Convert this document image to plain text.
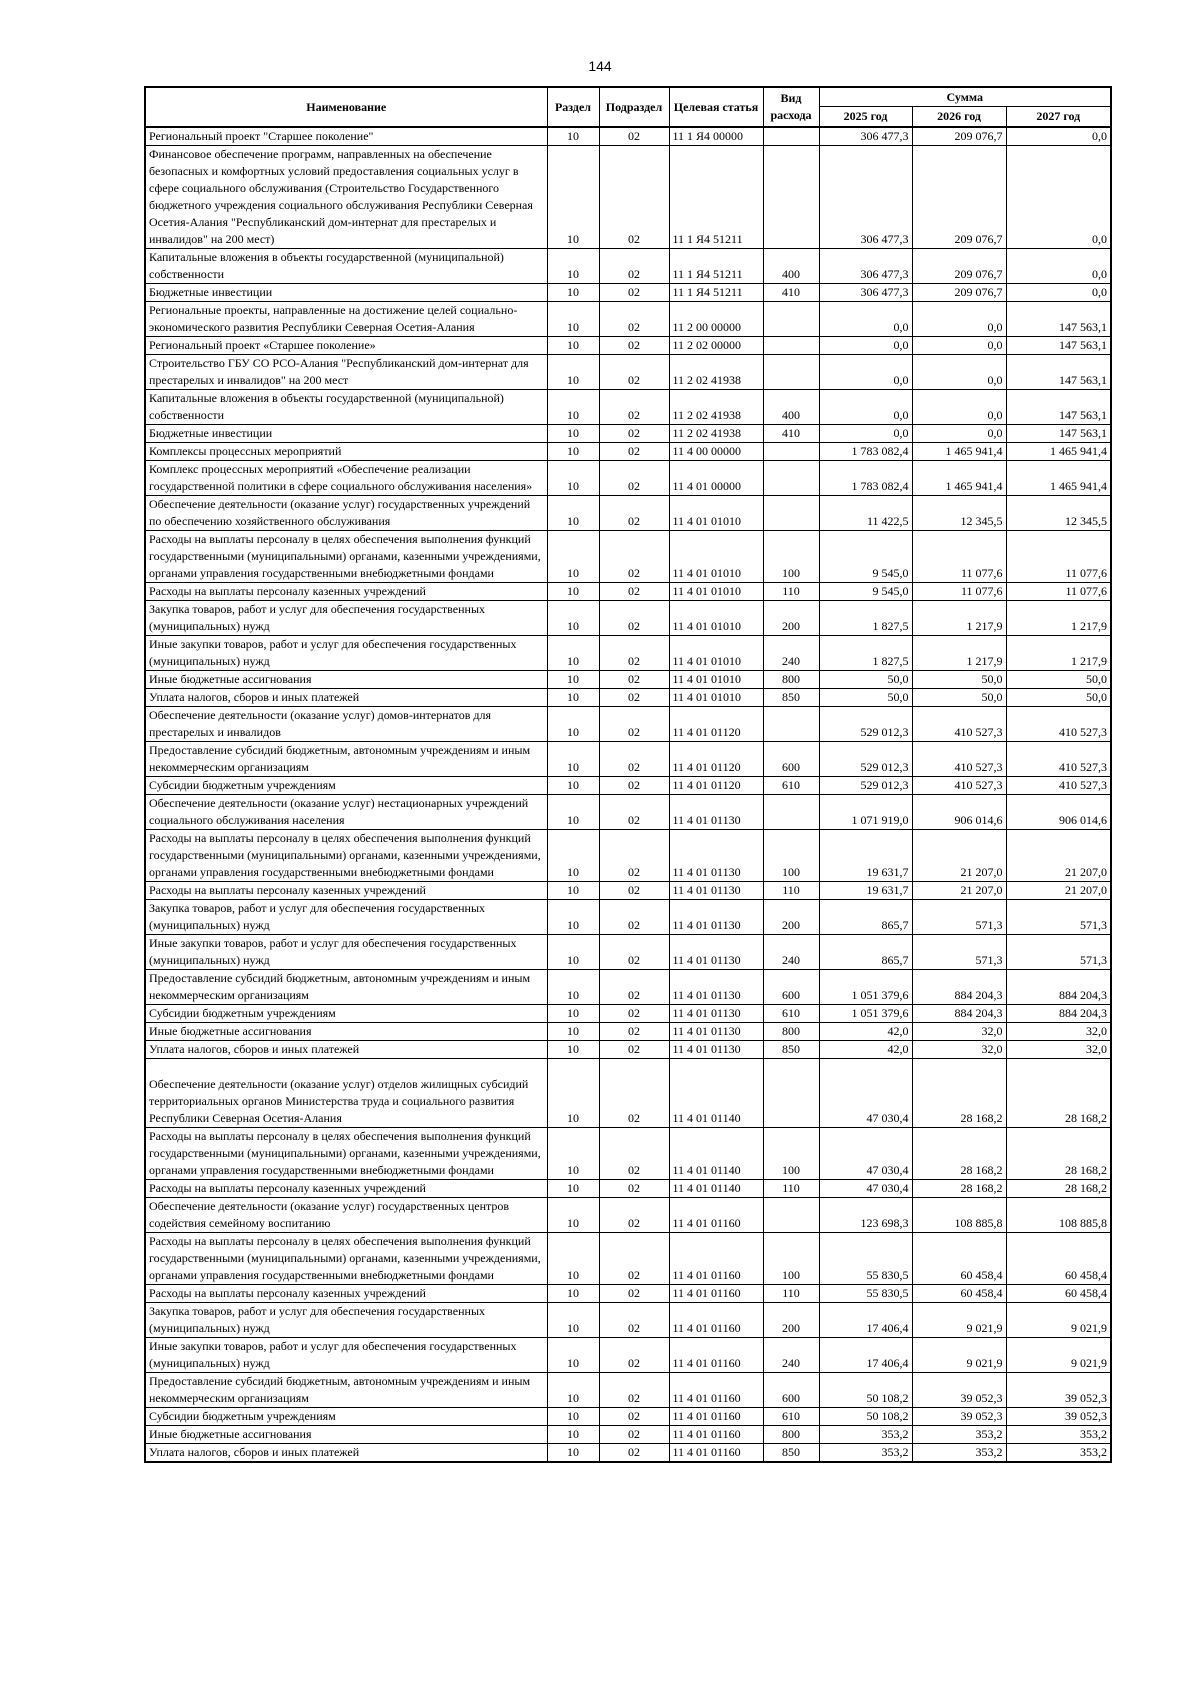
144
Наименование	Раздел	Подраздел	Целевая статья	Вид расхода	Сумма		
					2025 год	2026 год	2027 год
Региональный проект "Старшее поколение"	10	02	11 1 Я4 00000		306 477,3	209 076,7	0,0
Финансовое обеспечение программ, направленных на обеспечение безопасных и комфортных условий предоставления социальных услуг в сфере социального обслуживания (Строительство Государственного бюджетного учреждения социального обслуживания Республики Северная Осетия-Алания "Республиканский дом-интернат для престарелых и инвалидов" на 200 мест)	10	02	11 1 Я4 51211		306 477,3	209 076,7	0,0
Капитальные вложения в объекты государственной (муниципальной) собственности	10	02	11 1 Я4 51211	400	306 477,3	209 076,7	0,0
Бюджетные инвестиции	10	02	11 1 Я4 51211	410	306 477,3	209 076,7	0,0
Региональные проекты, направленные на достижение целей социально-экономического развития Республики Северная Осетия-Алания	10	02	11 2 00 00000		0,0	0,0	147 563,1
Региональный проект «Старшее поколение»	10	02	11 2 02 00000		0,0	0,0	147 563,1
Строительство ГБУ СО РСО-Алания "Республиканский дом-интернат для престарелых и инвалидов" на 200 мест	10	02	11 2 02 41938		0,0	0,0	147 563,1
Капитальные вложения в объекты государственной (муниципальной) собственности	10	02	11 2 02 41938	400	0,0	0,0	147 563,1
Бюджетные инвестиции	10	02	11 2 02 41938	410	0,0	0,0	147 563,1
Комплексы процессных мероприятий	10	02	11 4 00 00000		1 783 082,4	1 465 941,4	1 465 941,4
Комплекс процессных мероприятий «Обеспечение реализации государственной политики в сфере социального обслуживания населения»	10	02	11 4 01 00000		1 783 082,4	1 465 941,4	1 465 941,4
Обеспечение деятельности (оказание услуг) государственных учреждений по обеспечению хозяйственного обслуживания	10	02	11 4 01 01010		11 422,5	12 345,5	12 345,5
Расходы на выплаты персоналу в целях обеспечения выполнения функций государственными (муниципальными) органами, казенными учреждениями, органами управления государственными внебюджетными фондами	10	02	11 4 01 01010	100	9 545,0	11 077,6	11 077,6
Расходы на выплаты персоналу казенных учреждений	10	02	11 4 01 01010	110	9 545,0	11 077,6	11 077,6
Закупка товаров, работ и услуг для обеспечения государственных (муниципальных) нужд	10	02	11 4 01 01010	200	1 827,5	1 217,9	1 217,9
Иные закупки товаров, работ и услуг для обеспечения государственных (муниципальных) нужд	10	02	11 4 01 01010	240	1 827,5	1 217,9	1 217,9
Иные бюджетные ассигнования	10	02	11 4 01 01010	800	50,0	50,0	50,0
Уплата налогов, сборов и иных платежей	10	02	11 4 01 01010	850	50,0	50,0	50,0
Обеспечение деятельности (оказание услуг) домов-интернатов для престарелых и инвалидов	10	02	11 4 01 01120		529 012,3	410 527,3	410 527,3
Предоставление субсидий бюджетным, автономным учреждениям и иным некоммерческим организациям	10	02	11 4 01 01120	600	529 012,3	410 527,3	410 527,3
Субсидии бюджетным учреждениям	10	02	11 4 01 01120	610	529 012,3	410 527,3	410 527,3
Обеспечение деятельности (оказание услуг) нестационарных учреждений социального обслуживания населения	10	02	11 4 01 01130		1 071 919,0	906 014,6	906 014,6
Расходы на выплаты персоналу в целях обеспечения выполнения функций государственными (муниципальными) органами, казенными учреждениями, органами управления государственными внебюджетными фондами	10	02	11 4 01 01130	100	19 631,7	21 207,0	21 207,0
Расходы на выплаты персоналу казенных учреждений	10	02	11 4 01 01130	110	19 631,7	21 207,0	21 207,0
Закупка товаров, работ и услуг для обеспечения государственных (муниципальных) нужд	10	02	11 4 01 01130	200	865,7	571,3	571,3
Иные закупки товаров, работ и услуг для обеспечения государственных (муниципальных) нужд	10	02	11 4 01 01130	240	865,7	571,3	571,3
Предоставление субсидий бюджетным, автономным учреждениям и иным некоммерческим организациям	10	02	11 4 01 01130	600	1 051 379,6	884 204,3	884 204,3
Субсидии бюджетным учреждениям	10	02	11 4 01 01130	610	1 051 379,6	884 204,3	884 204,3
Иные бюджетные ассигнования	10	02	11 4 01 01130	800	42,0	32,0	32,0
Уплата налогов, сборов и иных платежей	10	02	11 4 01 01130	850	42,0	32,0	32,0
Обеспечение деятельности (оказание услуг) отделов жилищных субсидий территориальных органов Министерства труда и социального развития Республики Северная Осетия-Алания	10	02	11 4 01 01140		47 030,4	28 168,2	28 168,2
Расходы на выплаты персоналу в целях обеспечения выполнения функций государственными (муниципальными) органами, казенными учреждениями, органами управления государственными внебюджетными фондами	10	02	11 4 01 01140	100	47 030,4	28 168,2	28 168,2
Расходы на выплаты персоналу казенных учреждений	10	02	11 4 01 01140	110	47 030,4	28 168,2	28 168,2
Обеспечение деятельности (оказание услуг) государственных центров содействия семейному воспитанию	10	02	11 4 01 01160		123 698,3	108 885,8	108 885,8
Расходы на выплаты персоналу в целях обеспечения выполнения функций государственными (муниципальными) органами, казенными учреждениями, органами управления государственными внебюджетными фондами	10	02	11 4 01 01160	100	55 830,5	60 458,4	60 458,4
Расходы на выплаты персоналу казенных учреждений	10	02	11 4 01 01160	110	55 830,5	60 458,4	60 458,4
Закупка товаров, работ и услуг для обеспечения государственных (муниципальных) нужд	10	02	11 4 01 01160	200	17 406,4	9 021,9	9 021,9
Иные закупки товаров, работ и услуг для обеспечения государственных (муниципальных) нужд	10	02	11 4 01 01160	240	17 406,4	9 021,9	9 021,9
Предоставление субсидий бюджетным, автономным учреждениям и иным некоммерческим организациям	10	02	11 4 01 01160	600	50 108,2	39 052,3	39 052,3
Субсидии бюджетным учреждениям	10	02	11 4 01 01160	610	50 108,2	39 052,3	39 052,3
Иные бюджетные ассигнования	10	02	11 4 01 01160	800	353,2	353,2	353,2
Уплата налогов, сборов и иных платежей	10	02	11 4 01 01160	850	353,2	353,2	353,2
